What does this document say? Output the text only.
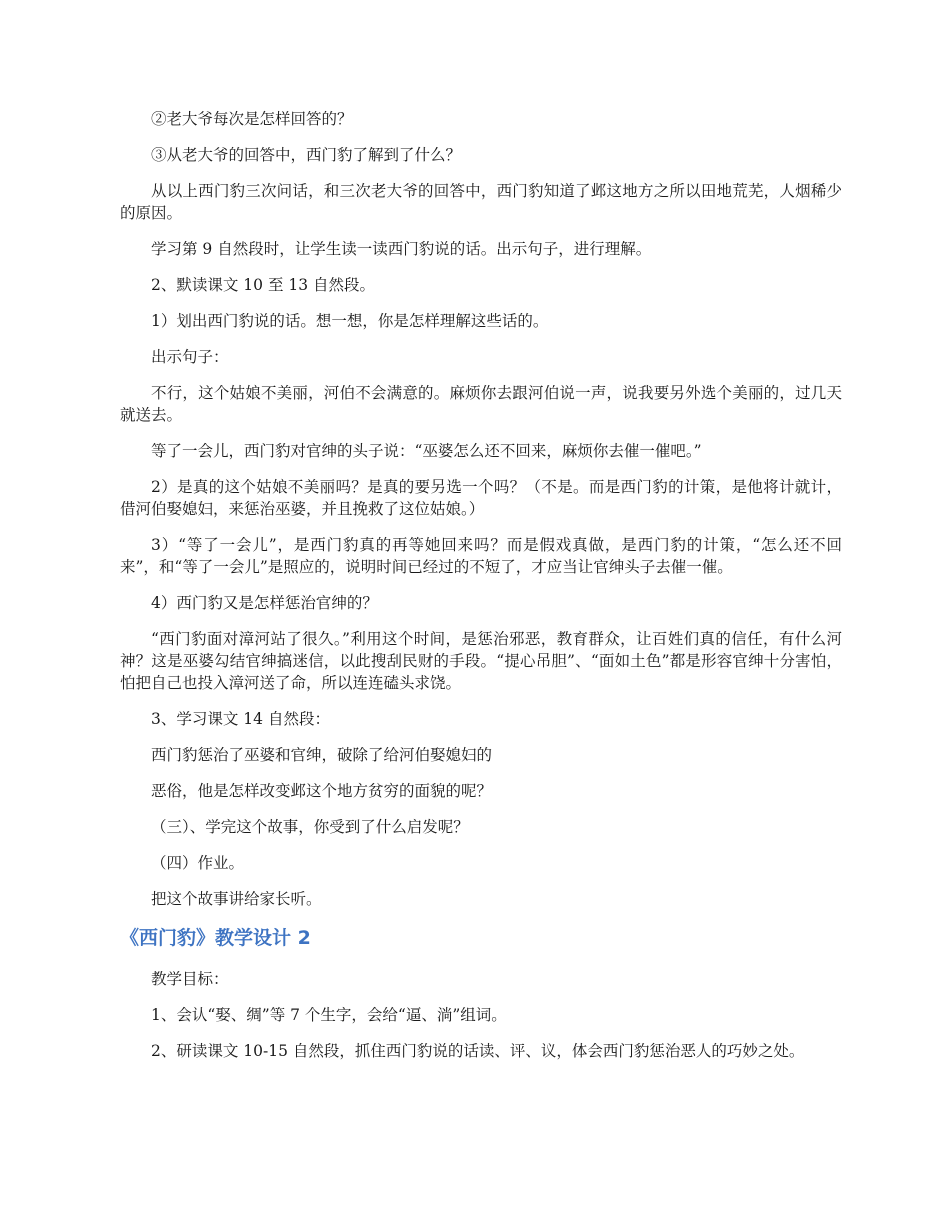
②老大爷每次是怎样回答的？

③从老大爷的回答中，西门豹了解到了什么？

从以上西门豹三次问话，和三次老大爷的回答中，西门豹知道了邺这地方之所以田地荒芜，人烟稀少的原因。

学习第 9 自然段时，让学生读一读西门豹说的话。出示句子，进行理解。

2、默读课文 10 至 13 自然段。

1）划出西门豹说的话。想一想，你是怎样理解这些话的。

出示句子：

不行，这个姑娘不美丽，河伯不会满意的。麻烦你去跟河伯说一声，说我要另外选个美丽的，过几天就送去。

等了一会儿，西门豹对官绅的头子说：“巫婆怎么还不回来，麻烦你去催一催吧。”

2）是真的这个姑娘不美丽吗？是真的要另选一个吗？（不是。而是西门豹的计策，是他将计就计，借河伯娶媳妇，来惩治巫婆，并且挽救了这位姑娘。）

3）“等了一会儿”，是西门豹真的再等她回来吗？而是假戏真做，是西门豹的计策，“怎么还不回来”，和“等了一会儿”是照应的，说明时间已经过的不短了，才应当让官绅头子去催一催。

4）西门豹又是怎样惩治官绅的？

“西门豹面对漳河站了很久。”利用这个时间，是惩治邪恶，教育群众，让百姓们真的信任，有什么河神？这是巫婆勾结官绅搞迷信，以此搜刮民财的手段。“提心吊胆”、“面如土色”都是形容官绅十分害怕，怕把自己也投入漳河送了命，所以连连磕头求饶。

3、学习课文 14 自然段：

西门豹惩治了巫婆和官绅，破除了给河伯娶媳妇的

恶俗，他是怎样改变邺这个地方贫穷的面貌的呢？

（三）、学完这个故事，你受到了什么启发呢？

（四）作业。

把这个故事讲给家长听。

《西门豹》教学设计 2

教学目标：

1、会认“娶、绸”等 7 个生字，会给“逼、淌”组词。

2、研读课文 10-15 自然段，抓住西门豹说的话读、评、议，体会西门豹惩治恶人的巧妙之处。
